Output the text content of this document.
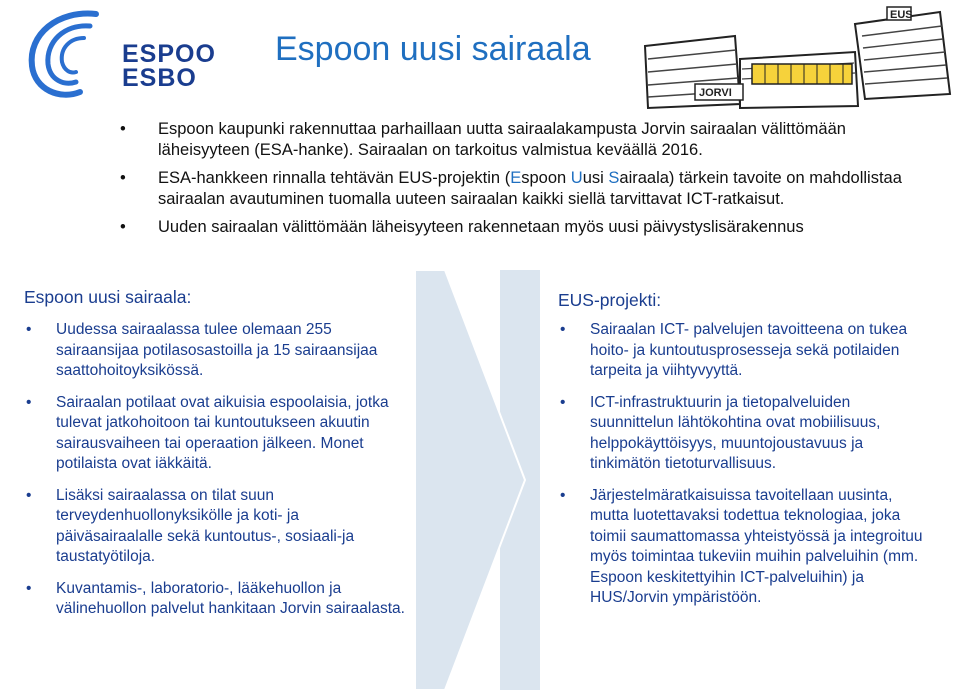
ESPOO
ESBO
Espoon uusi sairaala
EUS
JORVI
• Espoon kaupunki rakennuttaa parhaillaan uutta sairaalakampusta Jorvin sairaalan välittömään läheisyyteen (ESA-hanke). Sairaalan on tarkoitus valmistua keväällä 2016.
• ESA-hankkeen rinnalla tehtävän EUS-projektin (Espoon Uusi Sairaala) tärkein tavoite on mahdollistaa sairaalan avautuminen tuomalla uuteen sairaalan kaikki siellä tarvittavat ICT-ratkaisut.
• Uuden sairaalan välittömään läheisyyteen rakennetaan myös uusi päivystyslisärakennus
Espoon uusi sairaala:
• Uudessa sairaalassa tulee olemaan 255 sairaansijaa potilasosastoilla ja 15 sairaansijaa saattohoitoyksikössä.
• Sairaalan potilaat ovat aikuisia espoolaisia, jotka tulevat jatkohoitoon tai kuntoutukseen akuutin sairausvaiheen tai operaation jälkeen. Monet potilaista ovat iäkkäitä.
• Lisäksi sairaalassa on tilat suun terveydenhuollonyksikölle ja koti- ja päiväsairaalalle sekä kuntoutus-, sosiaali-ja taustatyötiloja.
• Kuvantamis-, laboratorio-, lääkehuollon ja välinehuollon palvelut hankitaan Jorvin sairaalasta.
EUS-projekti:
• Sairaalan ICT- palvelujen tavoitteena on tukea hoito- ja kuntoutusprosesseja sekä potilaiden tarpeita ja viihtyvyyttä.
• ICT-infrastruktuurin ja tietopalveluiden suunnittelun lähtökohtina ovat mobiilisuus, helppokäyttöisyys, muuntojoustavuus ja tinkimätön tietoturvallisuus.
• Järjestelmäratkaisuissa tavoitellaan uusinta, mutta luotettavaksi todettua teknologiaa, joka toimii saumattomassa yhteistyössä ja integroituu myös toimintaa tukeviin muihin palveluihin (mm. Espoon keskitettyihin ICT-palveluihin) ja HUS/Jorvin ympäristöön.
